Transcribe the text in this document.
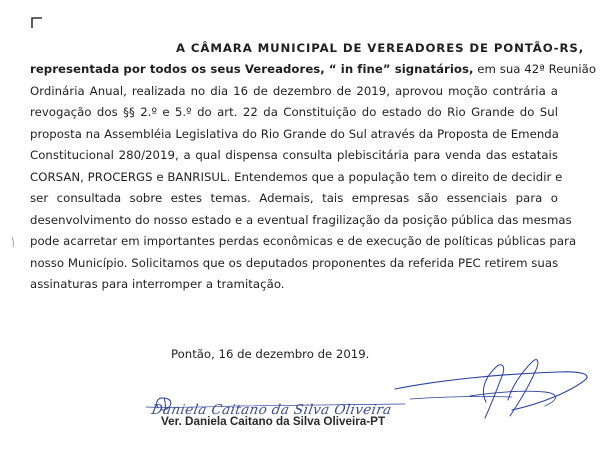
A CÂMARA MUNICIPAL DE VEREADORES DE PONTÃO-RS,
representada por todos os seus Vereadores, “ in fine” signatários, em sua 42ª Reunião
Ordinária Anual, realizada no dia 16 de dezembro de 2019, aprovou moção contrária a
revogação dos §§ 2.º e 5.º do art. 22 da Constituição do estado do Rio Grande do Sul
proposta na Assembléia Legislativa do Rio Grande do Sul através da Proposta de Emenda
Constitucional 280/2019, a qual dispensa consulta plebiscitária para venda das estatais
CORSAN, PROCERGS e BANRISUL. Entendemos que a população tem o direito de decidir e
ser consultada sobre estes temas. Ademais, tais empresas são essenciais para o
desenvolvimento do nosso estado e a eventual fragilização da posição pública das mesmas
pode acarretar em importantes perdas econômicas e de execução de políticas públicas para
nosso Município. Solicitamos que os deputados proponentes da referida PEC retirem suas
assinaturas para interromper a tramitação.
Pontão, 16 de dezembro de 2019.
Daniela Caitano da Silva Oliveira
Ver. Daniela Caitano da Silva Oliveira-PT
